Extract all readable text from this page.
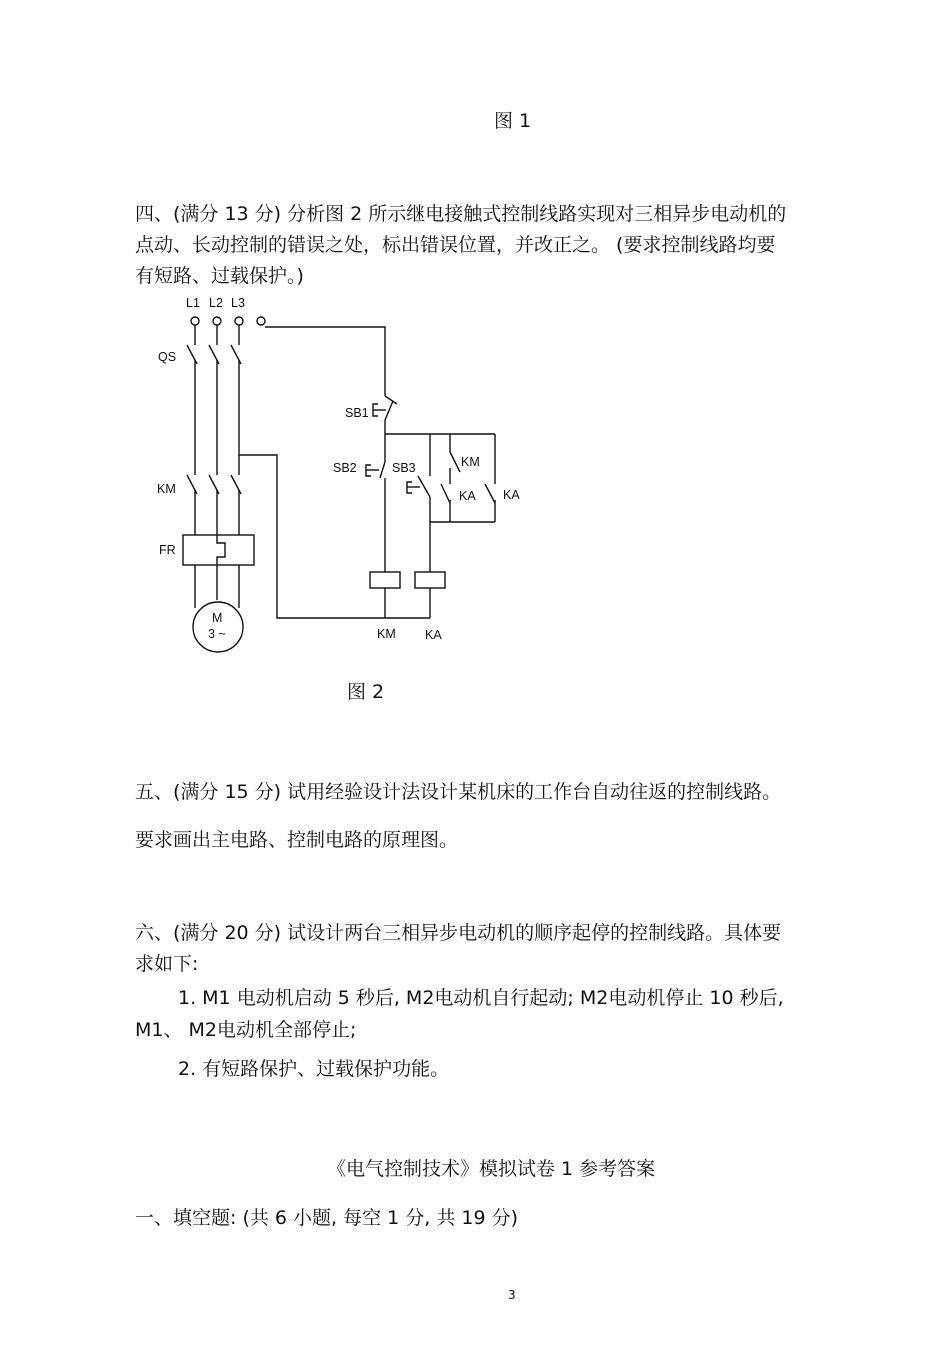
图 1
四、(满分 13 分) 分析图 2 所示继电接触式控制线路实现对三相异步电动机的
点动、长动控制的错误之处，标出错误位置，并改正之。 (要求控制线路均要
有短路、过载保护。)
L1 L2 L3
QS
KM
FR
M
3 ~
SB1
SB2	SB3	KM
KA KA
KM KA
图 2
五、(满分 15 分) 试用经验设计法设计某机床的工作台自动往返的控制线路。
要求画出主电路、控制电路的原理图。
六、(满分 20 分) 试设计两台三相异步电动机的顺序起停的控制线路。具体要
求如下:
1. M1 电动机启动 5 秒后, M2电动机自行起动; M2电动机停止 10 秒后,
M1、 M2电动机全部停止;
2. 有短路保护、过载保护功能。
《电气控制技术》模拟试卷 1 参考答案
一、填空题: (共 6 小题, 每空 1 分, 共 19 分)
3
